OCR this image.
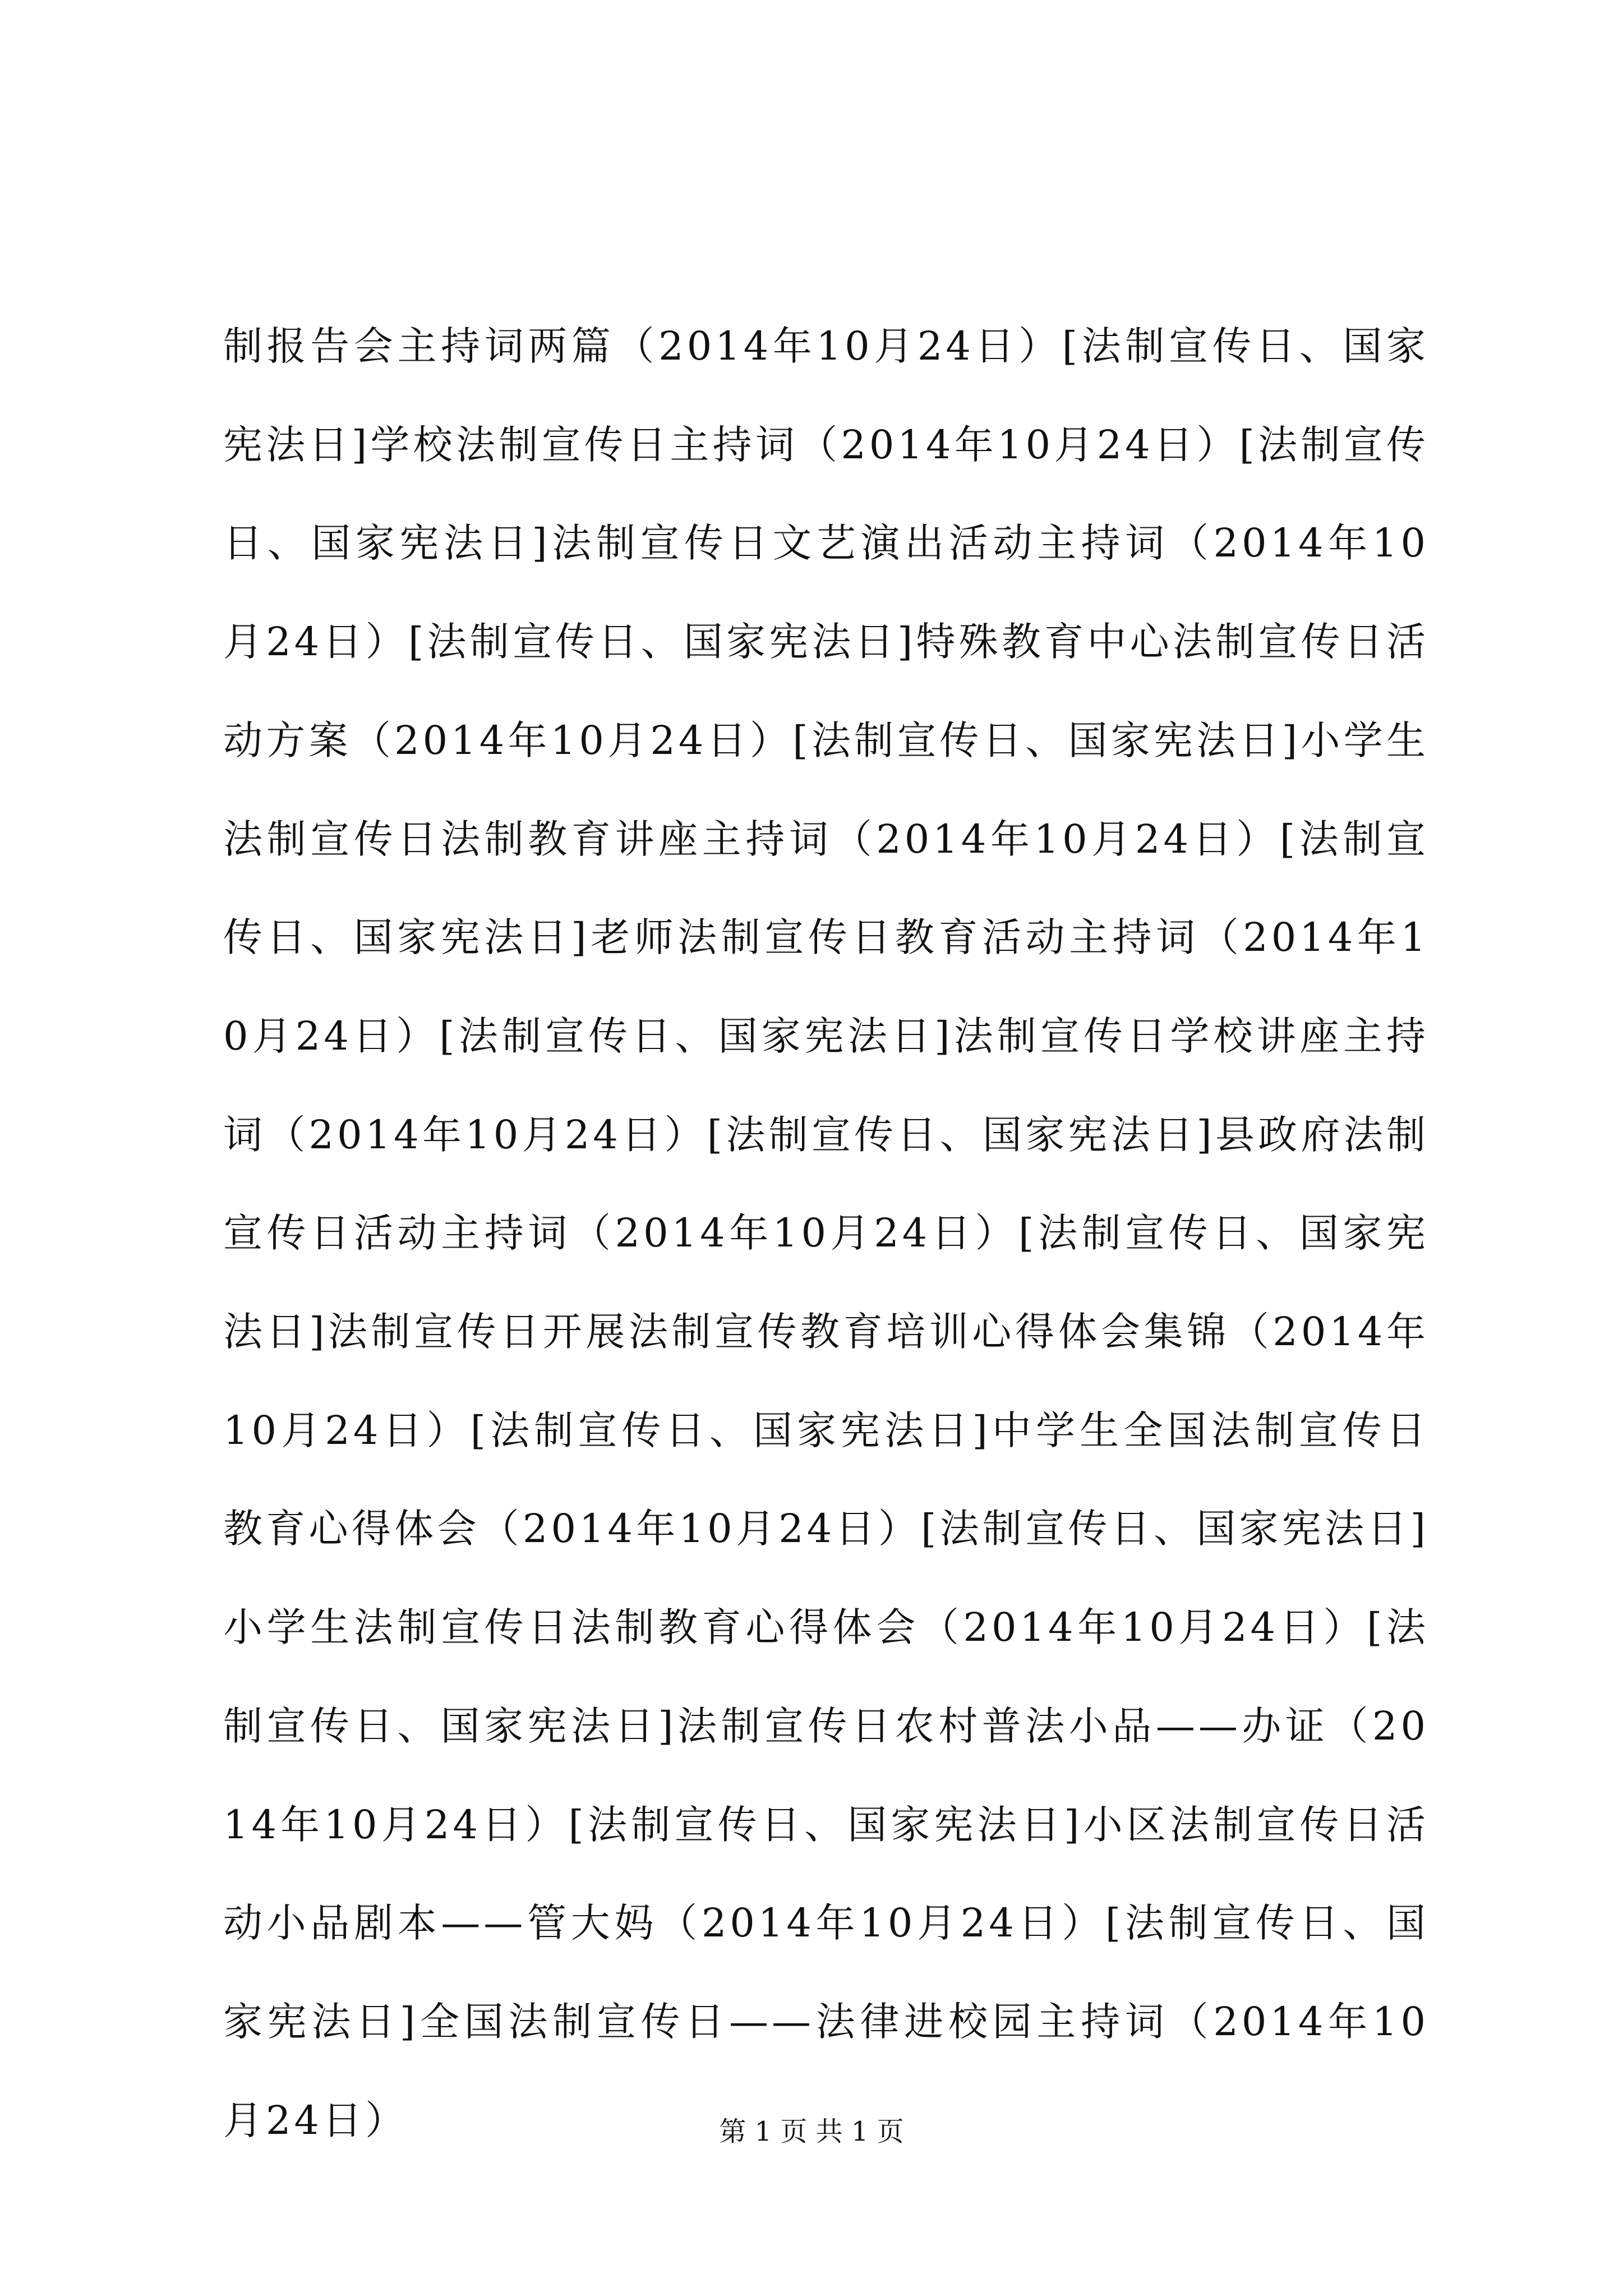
制报告会主持词两篇（2014年10月24日）[法制宣传日、国家宪法日]学校法制宣传日主持词（2014年10月24日）[法制宣传日、国家宪法日]法制宣传日文艺演出活动主持词（2014年10月24日）[法制宣传日、国家宪法日]特殊教育中心法制宣传日活动方案（2014年10月24日）[法制宣传日、国家宪法日]小学生法制宣传日法制教育讲座主持词（2014年10月24日）[法制宣传日、国家宪法日]老师法制宣传日教育活动主持词（2014年10月24日）[法制宣传日、国家宪法日]法制宣传日学校讲座主持词（2014年10月24日）[法制宣传日、国家宪法日]县政府法制宣传日活动主持词（2014年10月24日）[法制宣传日、国家宪法日]法制宣传日开展法制宣传教育培训心得体会集锦（2014年10月24日）[法制宣传日、国家宪法日]中学生全国法制宣传日教育心得体会（2014年10月24日）[法制宣传日、国家宪法日]小学生法制宣传日法制教育心得体会（2014年10月24日）[法制宣传日、国家宪法日]法制宣传日农村普法小品——办证（2014年10月24日）[法制宣传日、国家宪法日]小区法制宣传日活动小品剧本——管大妈（2014年10月24日）[法制宣传日、国家宪法日]全国法制宣传日——法律进校园主持词（2014年10月24日）	第 1 页 共 1 页
